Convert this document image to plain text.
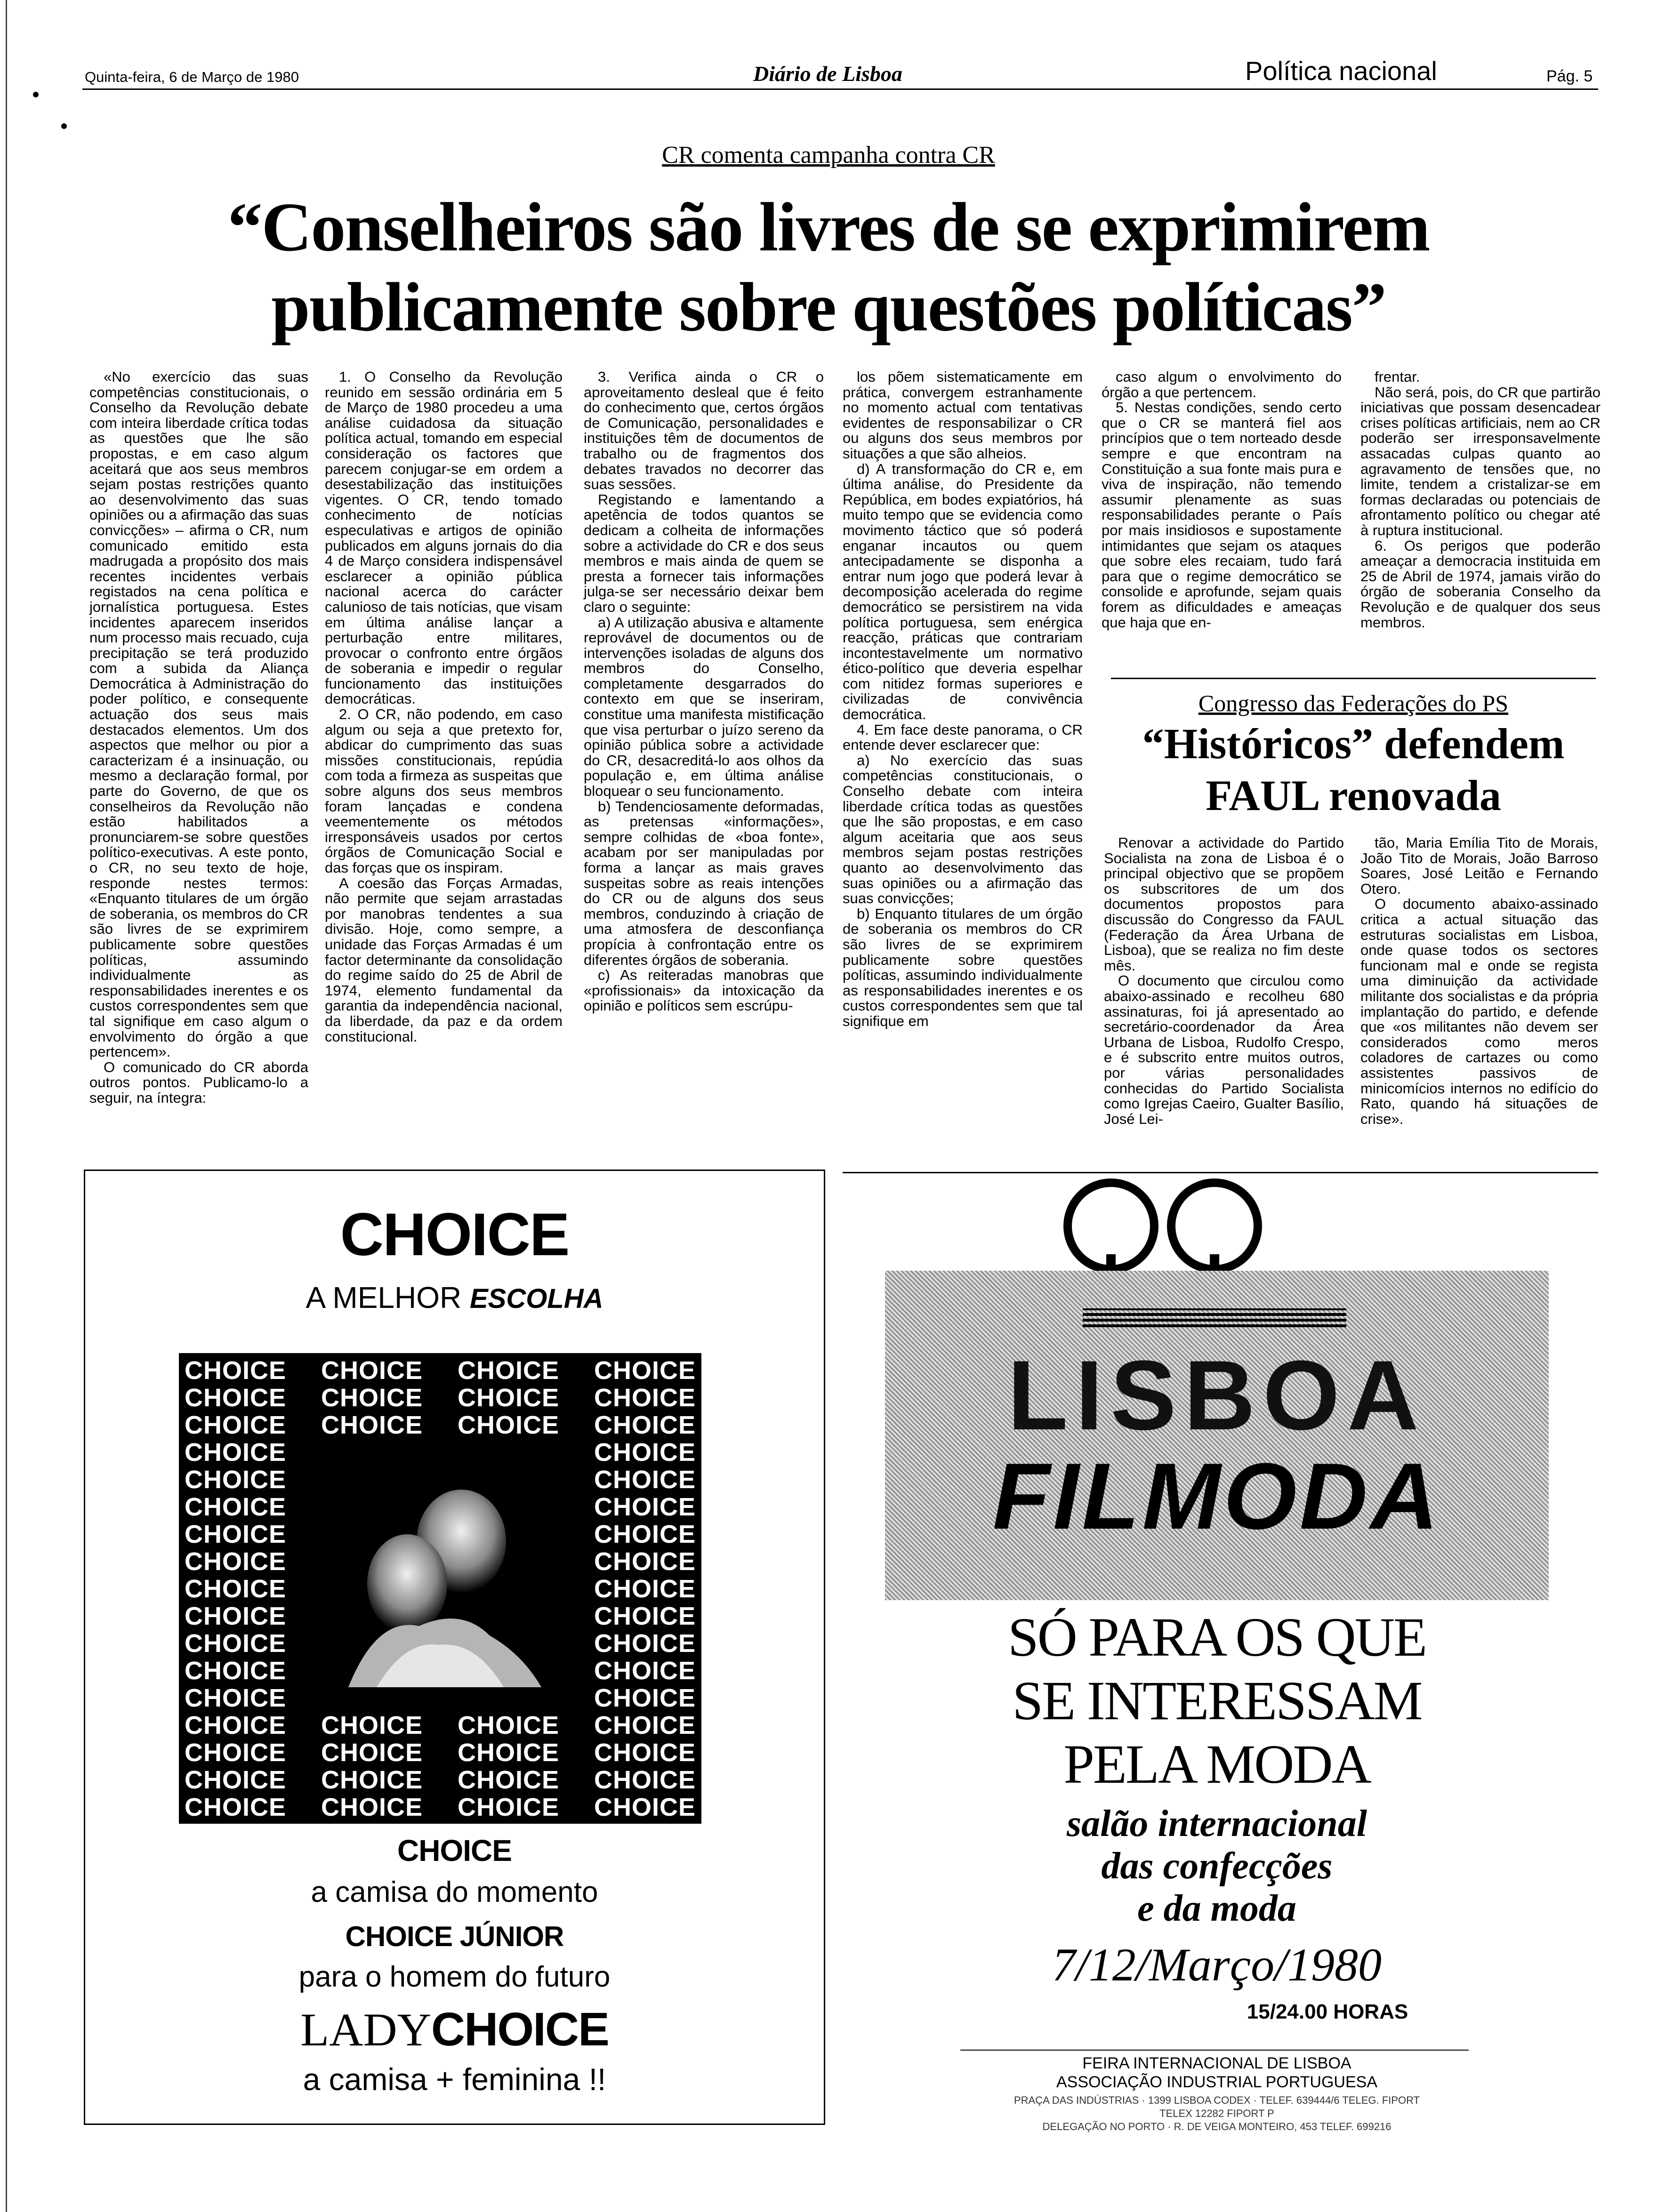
Quinta-feira, 6 de Março de 1980	Diário de Lisboa	Política nacional	Pág. 5
CR comenta campanha contra CR
“Conselheiros são livres de se exprimirem
publicamente sobre questões políticas”

«No exercício das suas competências constitucionais, o Conselho da Revolução debate com inteira liberdade crítica todas as questões que lhe são propostas, e em caso algum aceitará que aos seus membros sejam postas restrições quanto ao desenvolvimento das suas opiniões ou a afirmação das suas convicções» – afirma o CR, num comunicado emitido esta madrugada a propósito dos mais recentes incidentes verbais registados na cena política e jornalística portuguesa. Estes incidentes aparecem inseridos num processo mais recuado, cuja precipitação se terá produzido com a subida da Aliança Democrática à Administração do poder político, e consequente actuação dos seus mais destacados elementos. Um dos aspectos que melhor ou pior a caracterizam é a insinuação, ou mesmo a declaração formal, por parte do Governo, de que os conselheiros da Revolução não estão habilitados a pronunciarem-se sobre questões político-executivas. A este ponto, o CR, no seu texto de hoje, responde nestes termos: «Enquanto titulares de um órgão de soberania, os membros do CR são livres de se exprimirem publicamente sobre questões políticas, assumindo individualmente as responsabilidades inerentes e os custos correspondentes sem que tal signifique em caso algum o envolvimento do órgão a que pertencem».

O comunicado do CR aborda outros pontos. Publicamo-lo a seguir, na íntegra:

1. O Conselho da Revolução reunido em sessão ordinária em 5 de Março de 1980 procedeu a uma análise cuidadosa da situação política actual, tomando em especial consideração os factores que parecem conjugar-se em ordem a desestabilização das instituições vigentes. O CR, tendo tomado conhecimento de notícias especulativas e artigos de opinião publicados em alguns jornais do dia 4 de Março considera indispensável esclarecer a opinião pública nacional acerca do carácter calunioso de tais notícias, que visam em última análise lançar a perturbação entre militares, provocar o confronto entre órgãos de soberania e impedir o regular funcionamento das instituições democráticas.

2. O CR, não podendo, em caso algum ou seja a que pretexto for, abdicar do cumprimento das suas missões constitucionais, repúdia com toda a firmeza as suspeitas que sobre alguns dos seus membros foram lançadas e condena veementemente os métodos irresponsáveis usados por certos órgãos de Comunicação Social e das forças que os inspiram.

A coesão das Forças Armadas, não permite que sejam arrastadas por manobras tendentes a sua divisão. Hoje, como sempre, a unidade das Forças Armadas é um factor determinante da consolidação do regime saído do 25 de Abril de 1974, elemento fundamental da garantia da independência nacional, da liberdade, da paz e da ordem constitucional.

3. Verifica ainda o CR o aproveitamento desleal que é feito do conhecimento que, certos órgãos de Comunicação, personalidades e instituições têm de documentos de trabalho ou de fragmentos dos debates travados no decorrer das suas sessões.

Registando e lamentando a apetência de todos quantos se dedicam a colheita de informações sobre a actividade do CR e dos seus membros e mais ainda de quem se presta a fornecer tais informações julga-se ser necessário deixar bem claro o seguinte:

a) A utilização abusiva e altamente reprovável de documentos ou de intervenções isoladas de alguns dos membros do Conselho, completamente desgarrados do contexto em que se inseriram, constitue uma manifesta mistificação que visa perturbar o juízo sereno da opinião pública sobre a actividade do CR, desacreditá-lo aos olhos da população e, em última análise bloquear o seu funcionamento.

b) Tendenciosamente deformadas, as pretensas «informações», sempre colhidas de «boa fonte», acabam por ser manipuladas por forma a lançar as mais graves suspeitas sobre as reais intenções do CR ou de alguns dos seus membros, conduzindo à criação de uma atmosfera de desconfiança propícia à confrontação entre os diferentes órgãos de soberania.

c) As reiteradas manobras que «profissionais» da intoxicação da opinião e políticos sem escrúpu-

los põem sistematicamente em prática, convergem estranhamente no momento actual com tentativas evidentes de responsabilizar o CR ou alguns dos seus membros por situações a que são alheios.

d) A transformação do CR e, em última análise, do Presidente da República, em bodes expiatórios, há muito tempo que se evidencia como movimento táctico que só poderá enganar incautos ou quem antecipadamente se disponha a entrar num jogo que poderá levar à decomposição acelerada do regime democrático se persistirem na vida política portuguesa, sem enérgica reacção, práticas que contrariam incontestavelmente um normativo ético-político que deveria espelhar com nitidez formas superiores e civilizadas de convivência democrática.

4. Em face deste panorama, o CR entende dever esclarecer que:

a) No exercício das suas competências constitucionais, o Conselho debate com inteira liberdade crítica todas as questões que lhe são propostas, e em caso algum aceitaria que aos seus membros sejam postas restrições quanto ao desenvolvimento das suas opiniões ou a afirmação das suas convicções;

b) Enquanto titulares de um órgão de soberania os membros do CR são livres de se exprimirem publicamente sobre questões políticas, assumindo individualmente as responsabilidades inerentes e os custos correspondentes sem que tal signifique em

caso algum o envolvimento do órgão a que pertencem.

5. Nestas condições, sendo certo que o CR se manterá fiel aos princípios que o tem norteado desde sempre e que encontram na Constituição a sua fonte mais pura e viva de inspiração, não temendo assumir plenamente as suas responsabilidades perante o País por mais insidiosos e supostamente intimidantes que sejam os ataques que sobre eles recaiam, tudo fará para que o regime democrático se consolide e aprofunde, sejam quais forem as dificuldades e ameaças que haja que en-

frentar.

Não será, pois, do CR que partirão iniciativas que possam desencadear crises políticas artificiais, nem ao CR poderão ser irresponsavelmente assacadas culpas quanto ao agravamento de tensões que, no limite, tendem a cristalizar-se em formas declaradas ou potenciais de afrontamento político ou chegar até à ruptura institucional.

6. Os perigos que poderão ameaçar a democracia instituida em 25 de Abril de 1974, jamais virão do órgão de soberania Conselho da Revolução e de qualquer dos seus membros.

Congresso das Federações do PS
“Históricos” defendem
FAUL renovada

Renovar a actividade do Partido Socialista na zona de Lisboa é o principal objectivo que se propõem os subscritores de um dos documentos propostos para discussão do Congresso da FAUL (Federação da Área Urbana de Lisboa), que se realiza no fim deste mês.

O documento que circulou como abaixo-assinado e recolheu 680 assinaturas, foi já apresentado ao secretário-coordenador da Área Urbana de Lisboa, Rudolfo Crespo, e é subscrito entre muitos outros, por várias personalidades conhecidas do Partido Socialista como Igrejas Caeiro, Gualter Basílio, José Lei-

tão, Maria Emília Tito de Morais, João Tito de Morais, João Barroso Soares, José Leitão e Fernando Otero.

O documento abaixo-assinado critica a actual situação das estruturas socialistas em Lisboa, onde quase todos os sectores funcionam mal e onde se regista uma diminuição da actividade militante dos socialistas e da própria implantação do partido, e defende que «os militantes não devem ser considerados como meros coladores de cartazes ou como assistentes passivos de minicomícios internos no edifício do Rato, quando há situações de crise».

CHOICE
A MELHOR ESCOLHA
CHOICE CHOICE CHOICE CHOICE
CHOICE CHOICE CHOICE CHOICE
CHOICE CHOICE CHOICE CHOICE
CHOICE	CHOICE
CHOICE	CHOICE
CHOICE	CHOICE
CHOICE	CHOICE
CHOICE	CHOICE
CHOICE	CHOICE
CHOICE	CHOICE
CHOICE	CHOICE
CHOICE	CHOICE
CHOICE	CHOICE
CHOICE CHOICE CHOICE CHOICE
CHOICE CHOICE CHOICE CHOICE
CHOICE CHOICE CHOICE CHOICE
CHOICE CHOICE CHOICE CHOICE
CHOICE
a camisa do momento
CHOICE JÚNIOR
para o homem do futuro
LADYCHOICE
a camisa + feminina !!
LISBOA
FILMODA
SÓ PARA OS QUE
SE INTERESSAM
PELA MODA
salão internacional
das confecções
e da moda
7/12/Março/1980
15/24.00 HORAS
FEIRA INTERNACIONAL DE LISBOA
ASSOCIAÇÃO INDUSTRIAL PORTUGUESA
PRAÇA DAS INDÚSTRIAS · 1399 LISBOA CODEX · TELEF. 639444/6 TELEG. FIPORT
TELEX 12282 FIPORT P
DELEGAÇÃO NO PORTO · R. DE VEIGA MONTEIRO, 453 TELEF. 699216
